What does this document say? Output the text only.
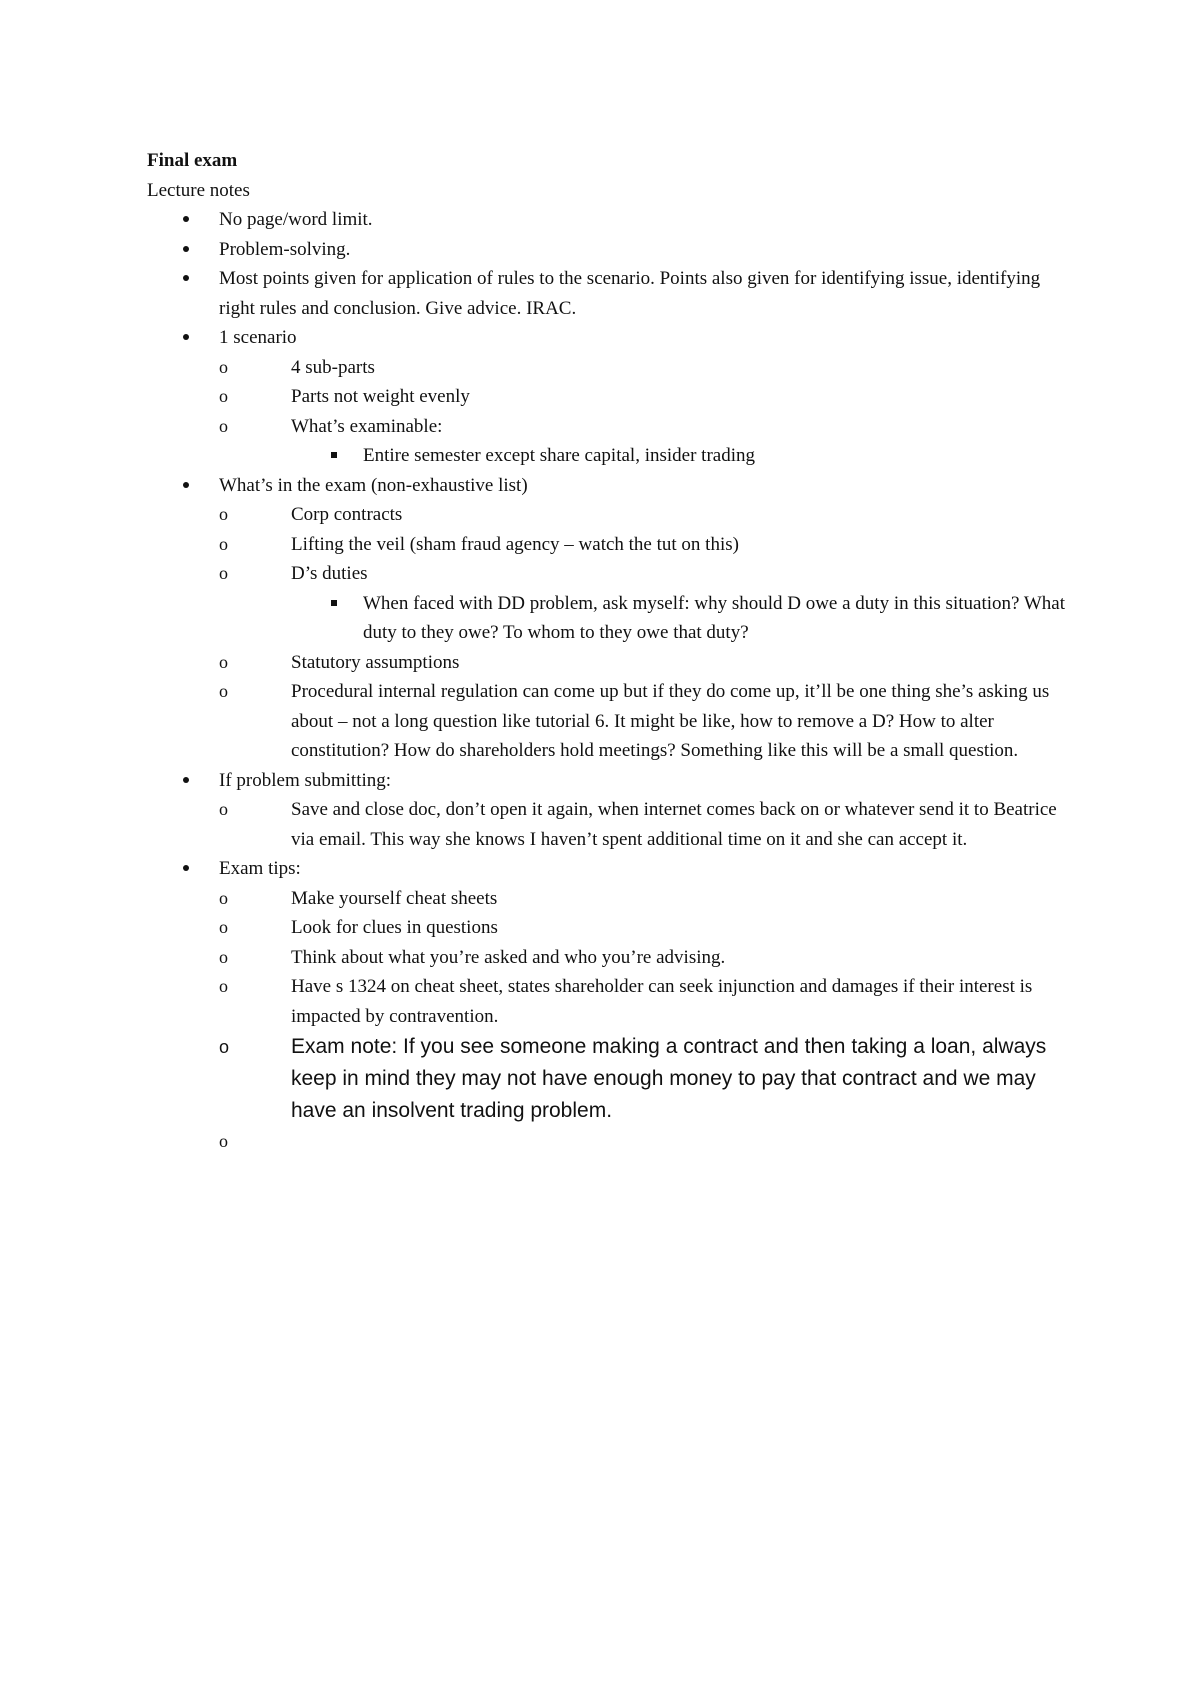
Final exam

Lecture notes

No page/word limit.
Problem-solving.
Most points given for application of rules to the scenario. Points also given for identifying issue, identifying right rules and conclusion. Give advice. IRAC.
1 scenario
o	4 sub-parts
o	Parts not weight evenly
o	What’s examinable:
Entire semester except share capital, insider trading
What’s in the exam (non-exhaustive list)
o	Corp contracts
o	Lifting the veil (sham fraud agency – watch the tut on this)
o	D’s duties
When faced with DD problem, ask myself: why should D owe a duty in this situation? What duty to they owe? To whom to they owe that duty?
o	Statutory assumptions
o	Procedural internal regulation can come up but if they do come up, it’ll be one thing she’s asking us about – not a long question like tutorial 6. It might be like, how to remove a D? How to alter constitution? How do shareholders hold meetings? Something like this will be a small question.
If problem submitting:
o	Save and close doc, don’t open it again, when internet comes back on or whatever send it to Beatrice via email. This way she knows I haven’t spent additional time on it and she can accept it.
Exam tips:
o	Make yourself cheat sheets
o	Look for clues in questions
o	Think about what you’re asked and who you’re advising.
o	Have s 1324 on cheat sheet, states shareholder can seek injunction and damages if their interest is impacted by contravention.
o	Exam note: If you see someone making a contract and then taking a loan, always keep in mind they may not have enough money to pay that contract and we may have an insolvent trading problem.
o
